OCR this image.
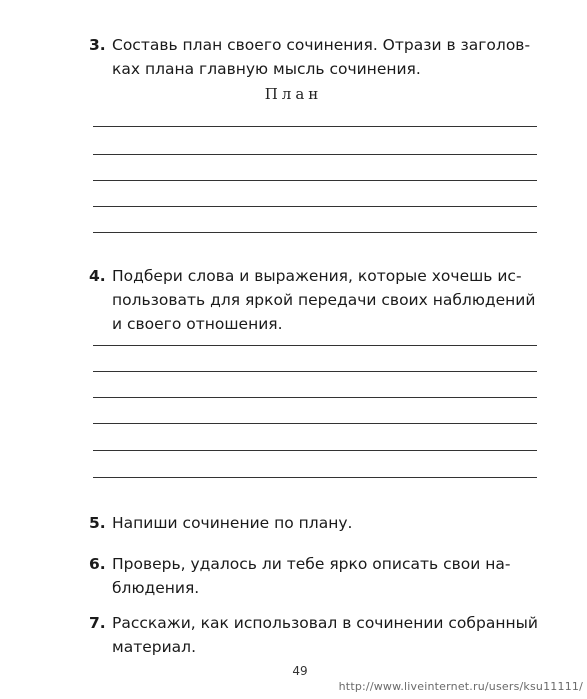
3. Составь план своего сочинения. Отрази в заголов-
ках плана главную мысль сочинения.
План
4. Подбери слова и выражения, которые хочешь ис-
пользовать для яркой передачи своих наблюдений
и своего отношения.
5. Напиши сочинение по плану.
6. Проверь, удалось ли тебе ярко описать свои на-
блюдения.
7. Расскажи, как использовал в сочинении собранный
материал.
49
http://www.liveinternet.ru/users/ksu11111/
